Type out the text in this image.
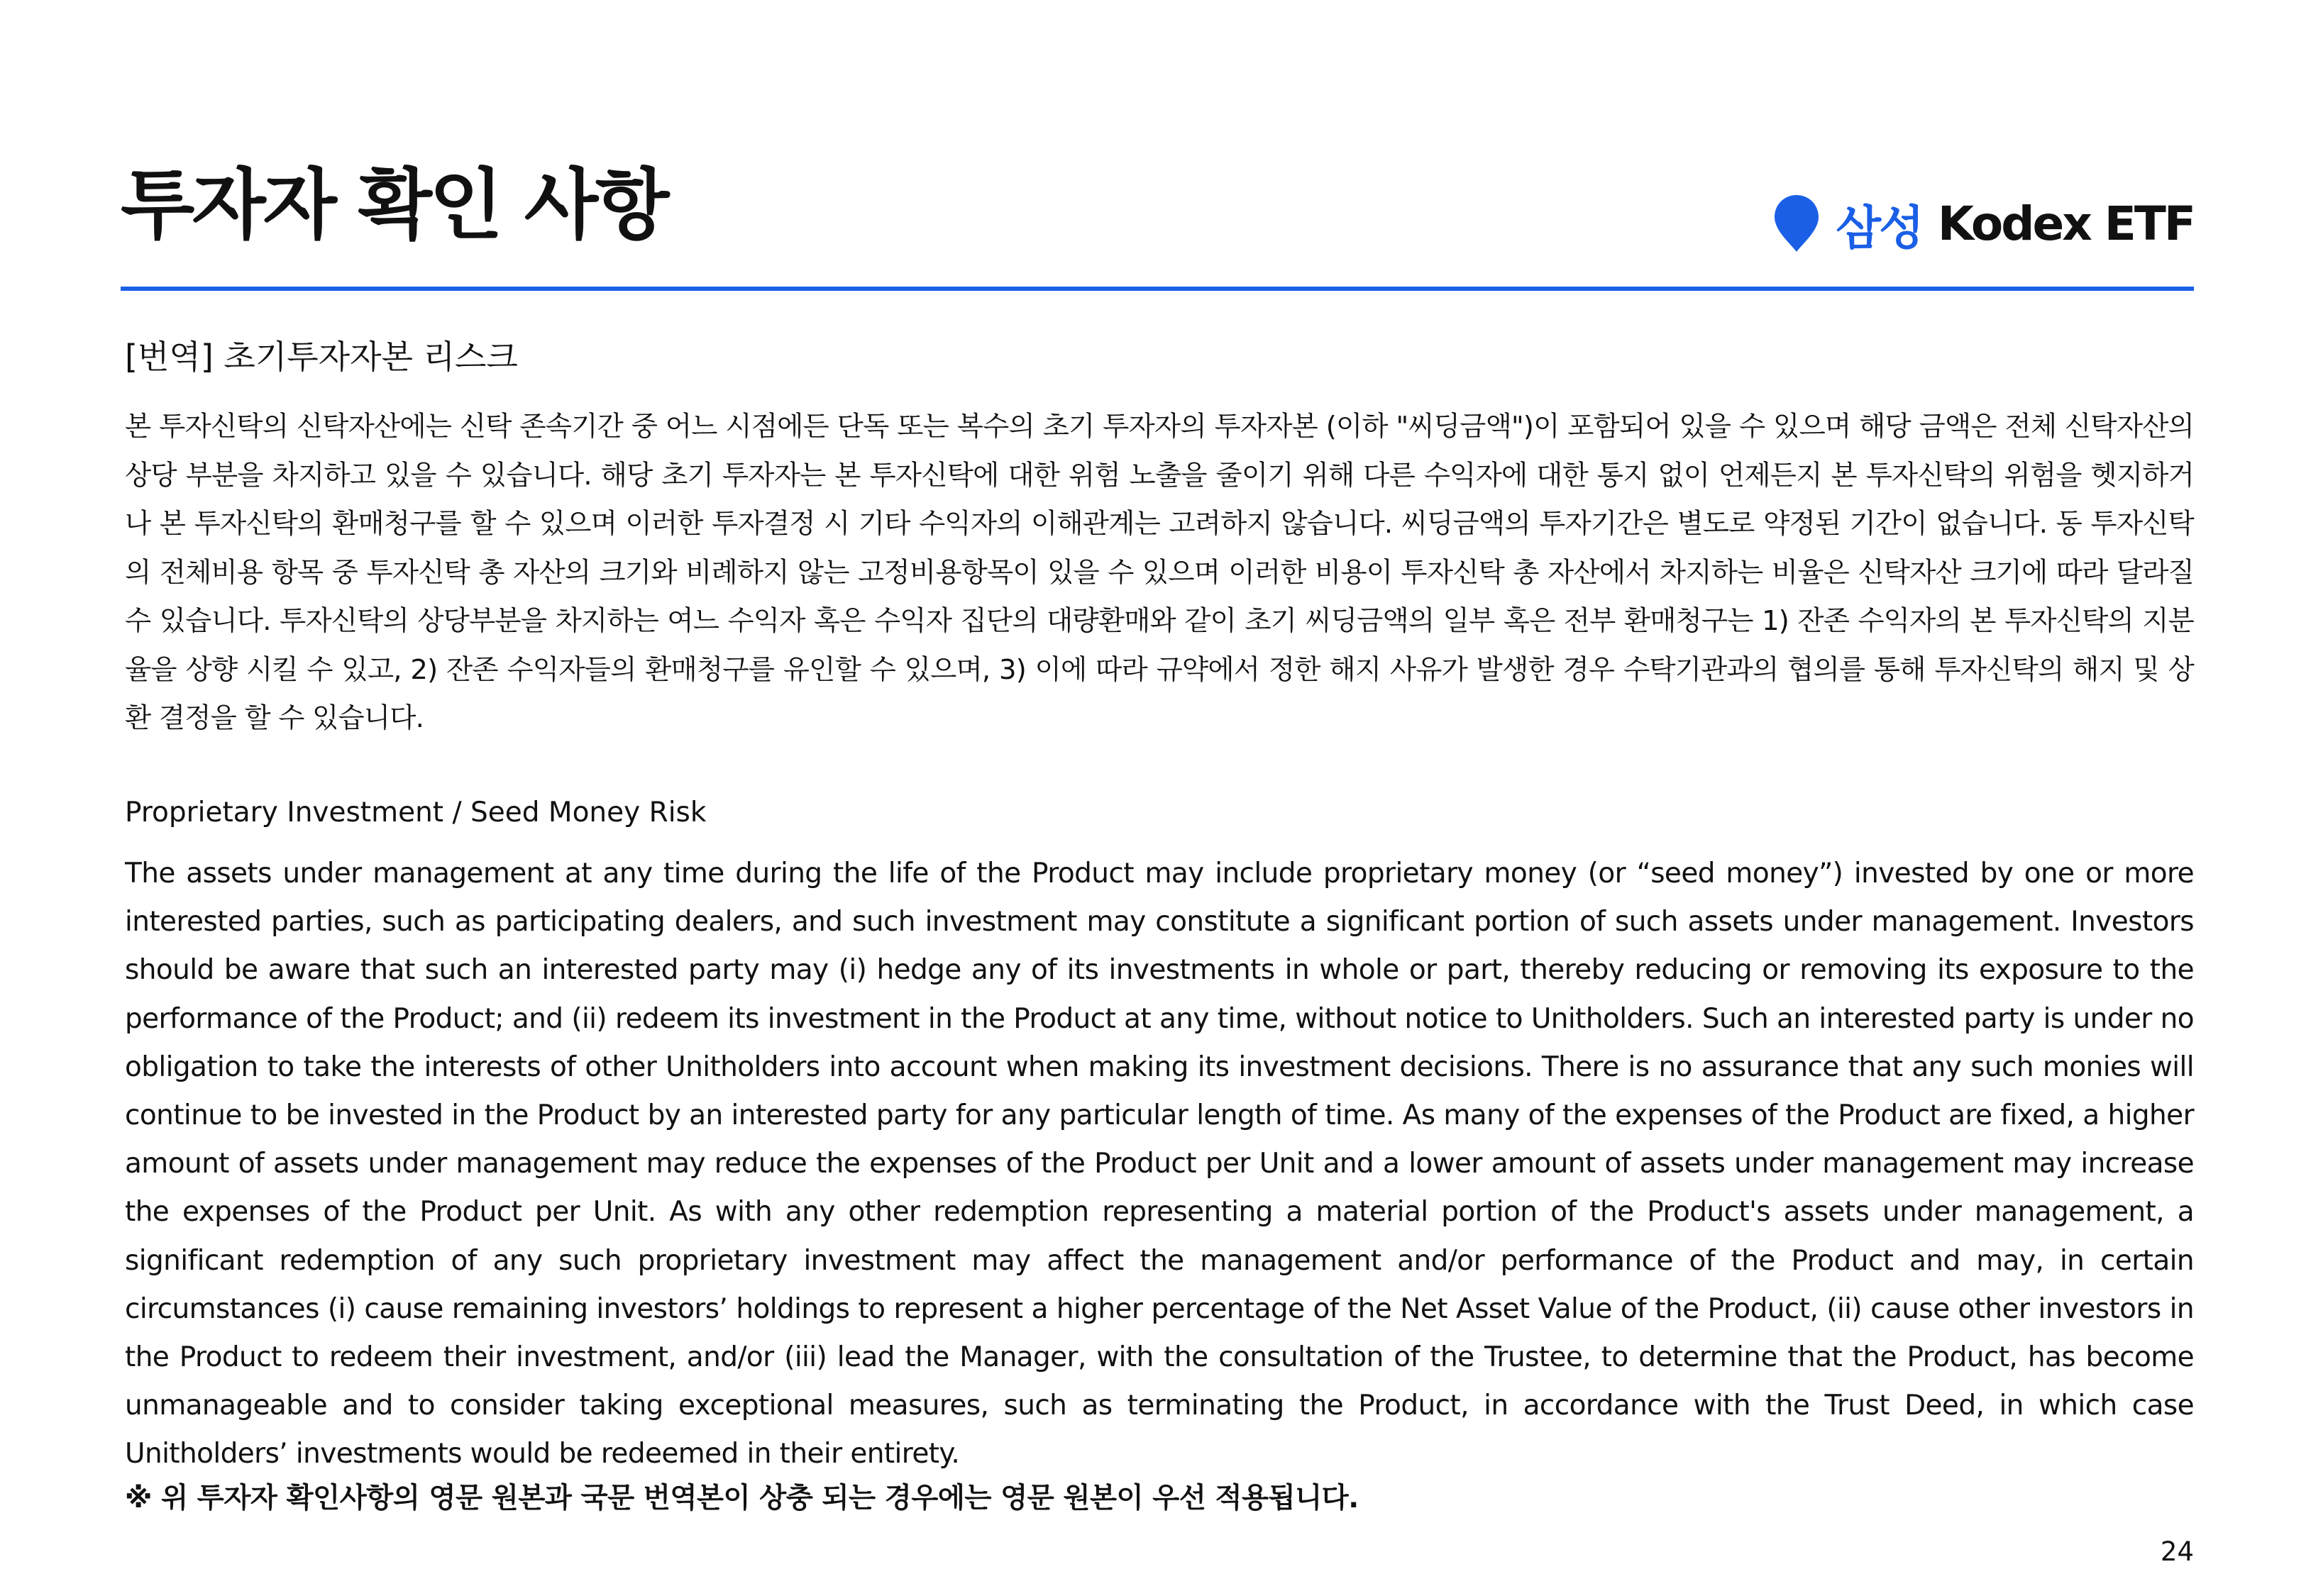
투자자 확인 사항	삼성 Kodex ETF
[번역] 초기투자자본 리스크
본 투자신탁의 신탁자산에는 신탁 존속기간 중 어느 시점에든 단독 또는 복수의 초기 투자자의 투자자본 (이하 "씨딩금액")이 포함되어 있을 수 있으며 해당 금액은 전체 신탁자산의 상당 부분을 차지하고 있을 수 있습니다. 해당 초기 투자자는 본 투자신탁에 대한 위험 노출을 줄이기 위해 다른 수익자에 대한 통지 없이 언제든지 본 투자신탁의 위험을 헷지하거나 본 투자신탁의 환매청구를 할 수 있으며 이러한 투자결정 시 기타 수익자의 이해관계는 고려하지 않습니다. 씨딩금액의 투자기간은 별도로 약정된 기간이 없습니다. 동 투자신탁의 전체비용 항목 중 투자신탁 총 자산의 크기와 비례하지 않는 고정비용항목이 있을 수 있으며 이러한 비용이 투자신탁 총 자산에서 차지하는 비율은 신탁자산 크기에 따라 달라질 수 있습니다. 투자신탁의 상당부분을 차지하는 여느 수익자 혹은 수익자 집단의 대량환매와 같이 초기 씨딩금액의 일부 혹은 전부 환매청구는 1) 잔존 수익자의 본 투자신탁의 지분율을 상향 시킬 수 있고, 2) 잔존 수익자들의 환매청구를 유인할 수 있으며, 3) 이에 따라 규약에서 정한 해지 사유가 발생한 경우 수탁기관과의 협의를 통해 투자신탁의 해지 및 상환 결정을 할 수 있습니다.
Proprietary Investment / Seed Money Risk
The assets under management at any time during the life of the Product may include proprietary money (or “seed money”) invested by one or more interested parties, such as participating dealers, and such investment may constitute a significant portion of such assets under management. Investors should be aware that such an interested party may (i) hedge any of its investments in whole or part, thereby reducing or removing its exposure to the performance of the Product; and (ii) redeem its investment in the Product at any time, without notice to Unitholders. Such an interested party is under no obligation to take the interests of other Unitholders into account when making its investment decisions. There is no assurance that any such monies will continue to be invested in the Product by an interested party for any particular length of time. As many of the expenses of the Product are fixed, a higher amount of assets under management may reduce the expenses of the Product per Unit and a lower amount of assets under management may increase the expenses of the Product per Unit. As with any other redemption representing a material portion of the Product's assets under management, a significant redemption of any such proprietary investment may affect the management and/or performance of the Product and may, in certain circumstances (i) cause remaining investors’ holdings to represent a higher percentage of the Net Asset Value of the Product, (ii) cause other investors in the Product to redeem their investment, and/or (iii) lead the Manager, with the consultation of the Trustee, to determine that the Product, has become unmanageable and to consider taking exceptional measures, such as terminating the Product, in accordance with the Trust Deed, in which case Unitholders’ investments would be redeemed in their entirety.
※ 위 투자자 확인사항의 영문 원본과 국문 번역본이 상충 되는 경우에는 영문 원본이 우선 적용됩니다.
24
